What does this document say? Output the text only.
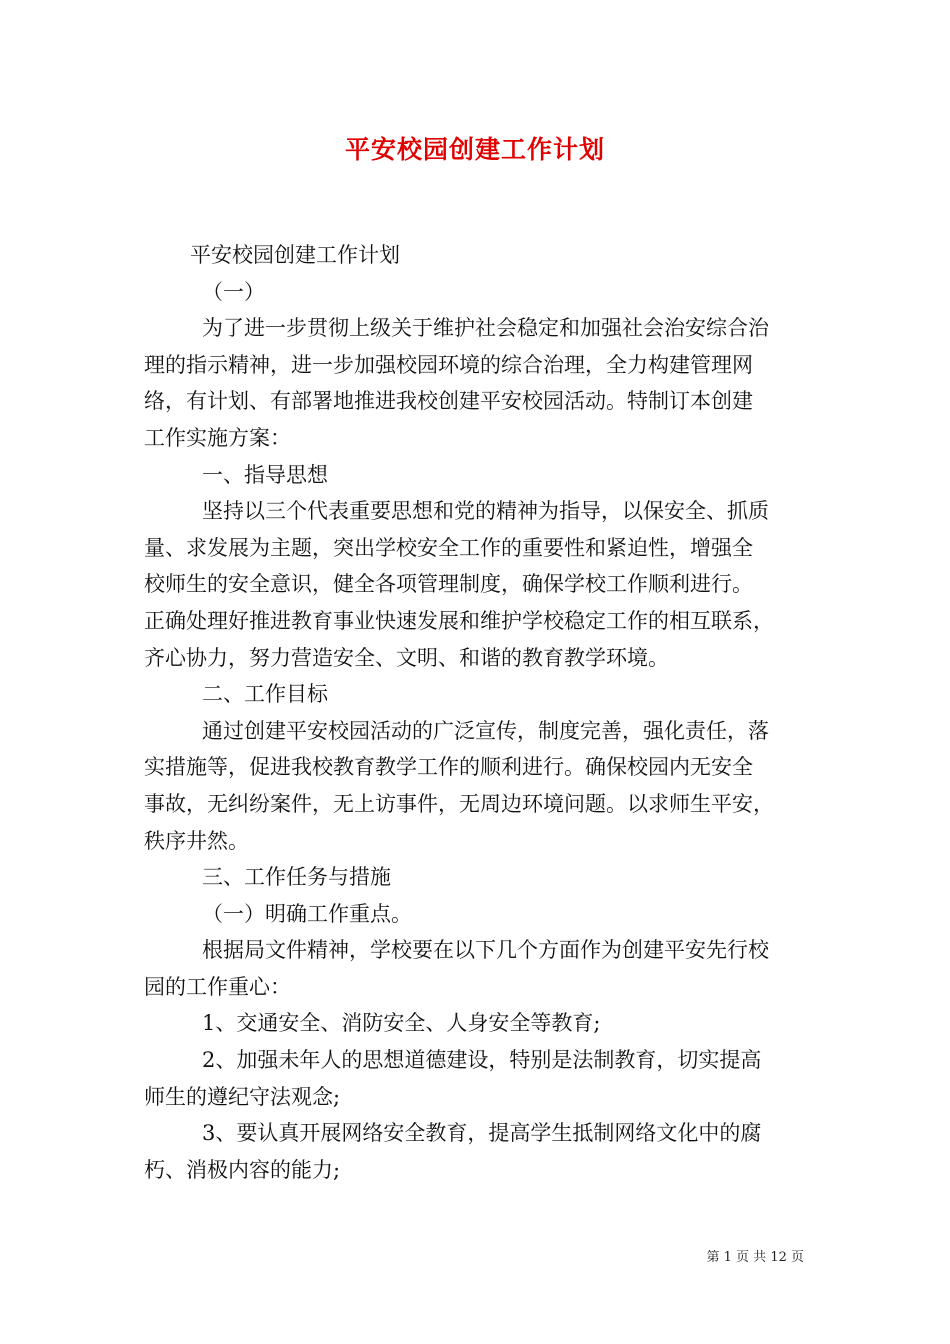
平安校园创建工作计划
平安校园创建工作计划
（一）
为了进一步贯彻上级关于维护社会稳定和加强社会治安综合治
理的指示精神，进一步加强校园环境的综合治理，全力构建管理网
络，有计划、有部署地推进我校创建平安校园活动。特制订本创建
工作实施方案：
一、指导思想
坚持以三个代表重要思想和党的精神为指导，以保安全、抓质
量、求发展为主题，突出学校安全工作的重要性和紧迫性，增强全
校师生的安全意识，健全各项管理制度，确保学校工作顺利进行。
正确处理好推进教育事业快速发展和维护学校稳定工作的相互联系，
齐心协力，努力营造安全、文明、和谐的教育教学环境。
二、工作目标
通过创建平安校园活动的广泛宣传，制度完善，强化责任，落
实措施等，促进我校教育教学工作的顺利进行。确保校园内无安全
事故，无纠纷案件，无上访事件，无周边环境问题。以求师生平安，
秩序井然。
三、工作任务与措施
（一）明确工作重点。
根据局文件精神，学校要在以下几个方面作为创建平安先行校
园的工作重心：
1、交通安全、消防安全、人身安全等教育;
2、加强未年人的思想道德建设，特别是法制教育，切实提高
师生的遵纪守法观念;
3、要认真开展网络安全教育，提高学生抵制网络文化中的腐
朽、消极内容的能力;
第 1 页 共 12 页
